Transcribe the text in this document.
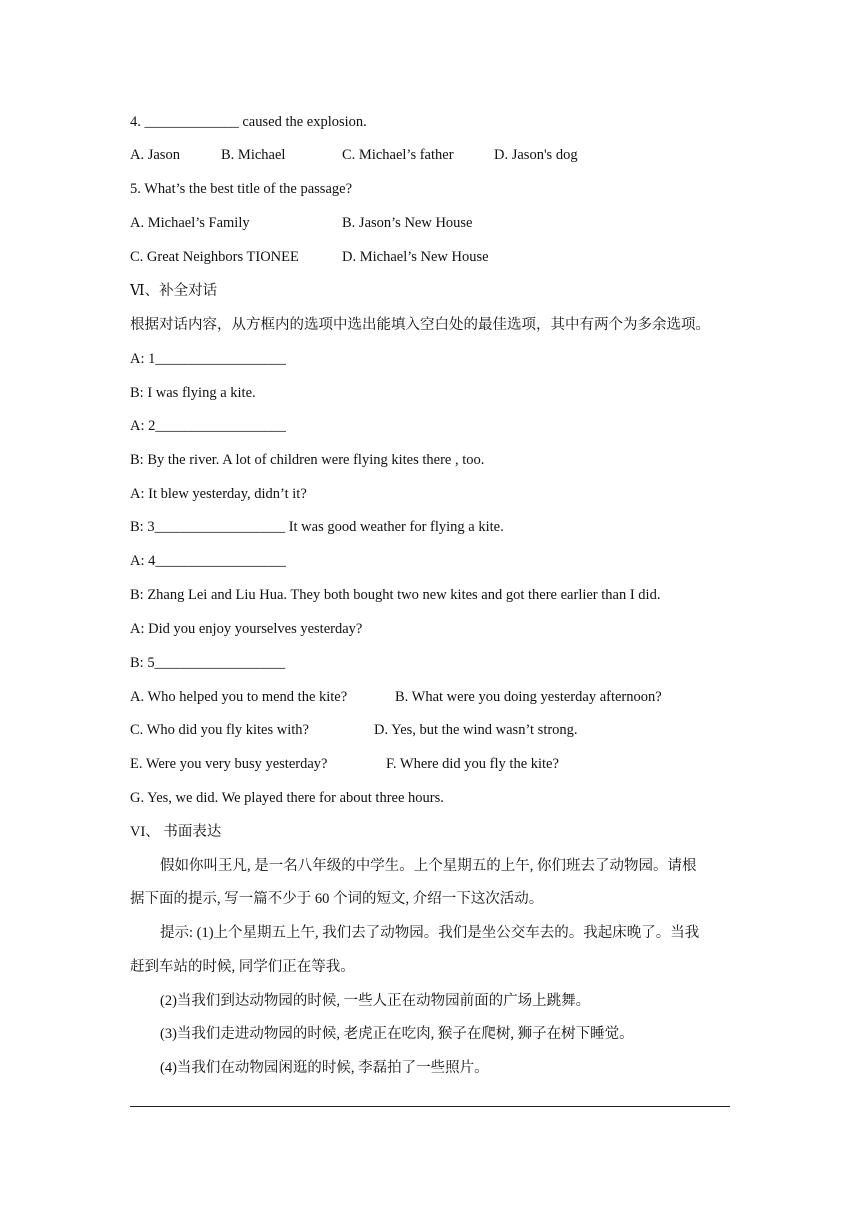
4. _____________ caused the explosion.
A. Jason	B. Michael	C. Michael’s father	D. Jason's dog
5. What’s the best title of the passage?
A. Michael’s Family	B. Jason’s New House
C. Great Neighbors TIONEE	D. Michael’s New House
Ⅵ、补全对话
根据对话内容，从方框内的选项中选出能填入空白处的最佳选项，其中有两个为多余选项。
A: 1__________________
B: I was flying a kite.
A: 2__________________
B: By the river. A lot of children were flying kites there , too.
A: It blew yesterday, didn’t it?
B: 3__________________ It was good weather for flying a kite.
A: 4__________________
B: Zhang Lei and Liu Hua. They both bought two new kites and got there earlier than I did.
A: Did you enjoy yourselves yesterday?
B: 5__________________
A. Who helped you to mend the kite?	B. What were you doing yesterday afternoon?
C. Who did you fly kites with?	D. Yes, but the wind wasn’t strong.
E. Were you very busy yesterday?	F. Where did you fly the kite?
G. Yes, we did. We played there for about three hours.
VI、 书面表达
假如你叫王凡, 是一名八年级的中学生。上个星期五的上午, 你们班去了动物园。请根
据下面的提示, 写一篇不少于 60 个词的短文, 介绍一下这次活动。
提示: (1)上个星期五上午, 我们去了动物园。我们是坐公交车去的。我起床晚了。当我
赶到车站的时候, 同学们正在等我。
(2)当我们到达动物园的时候, 一些人正在动物园前面的广场上跳舞。
(3)当我们走进动物园的时候, 老虎正在吃肉, 猴子在爬树, 狮子在树下睡觉。
(4)当我们在动物园闲逛的时候, 李磊拍了一些照片。
